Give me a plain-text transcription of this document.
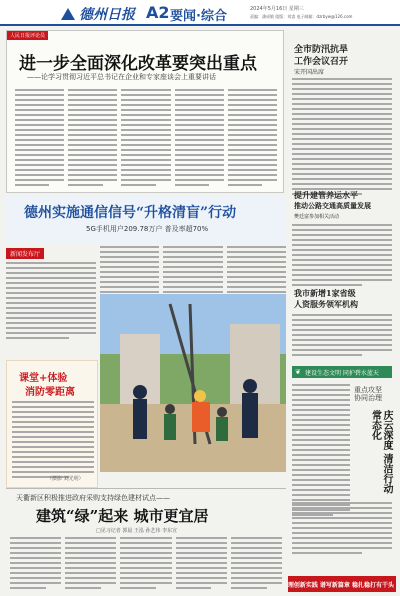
德州日报 A2 要闻·综合	2024年5月16日 星期三
责编：潘成敏 组版：刘睿 电子邮箱：dzrbyw@126.com
人民日报评论员
进一步全面深化改革要突出重点
——论学习贯彻习近平总书记在企业和专家座谈会上重要讲话
全市防汛抗旱
工作会议召开
宋开国出席
提升建管养运水平
推动公路交通高质量发展
樊廷富参加相关活动
我市新增1家省级
人资服务领军机构
❦ 建设生态文明 同护碧水蓝天
重点攻坚
协同治理
庆云深度 清洁行动常态化
德州实施通信信号“升格清盲”行动
5G手机用户209.78万户 普及率超70%
新闻发布厅
课堂+体验
消防零距离
（摄影 刘光明）
天衢新区积极推进政府采购支持绿色建材试点——
建筑“绿”起来 城市更宜居
□见习记者 郭晨 王泓 孙艺伟 李东宣
理创新实践 谱写新篇章 稳扎稳打有干头
